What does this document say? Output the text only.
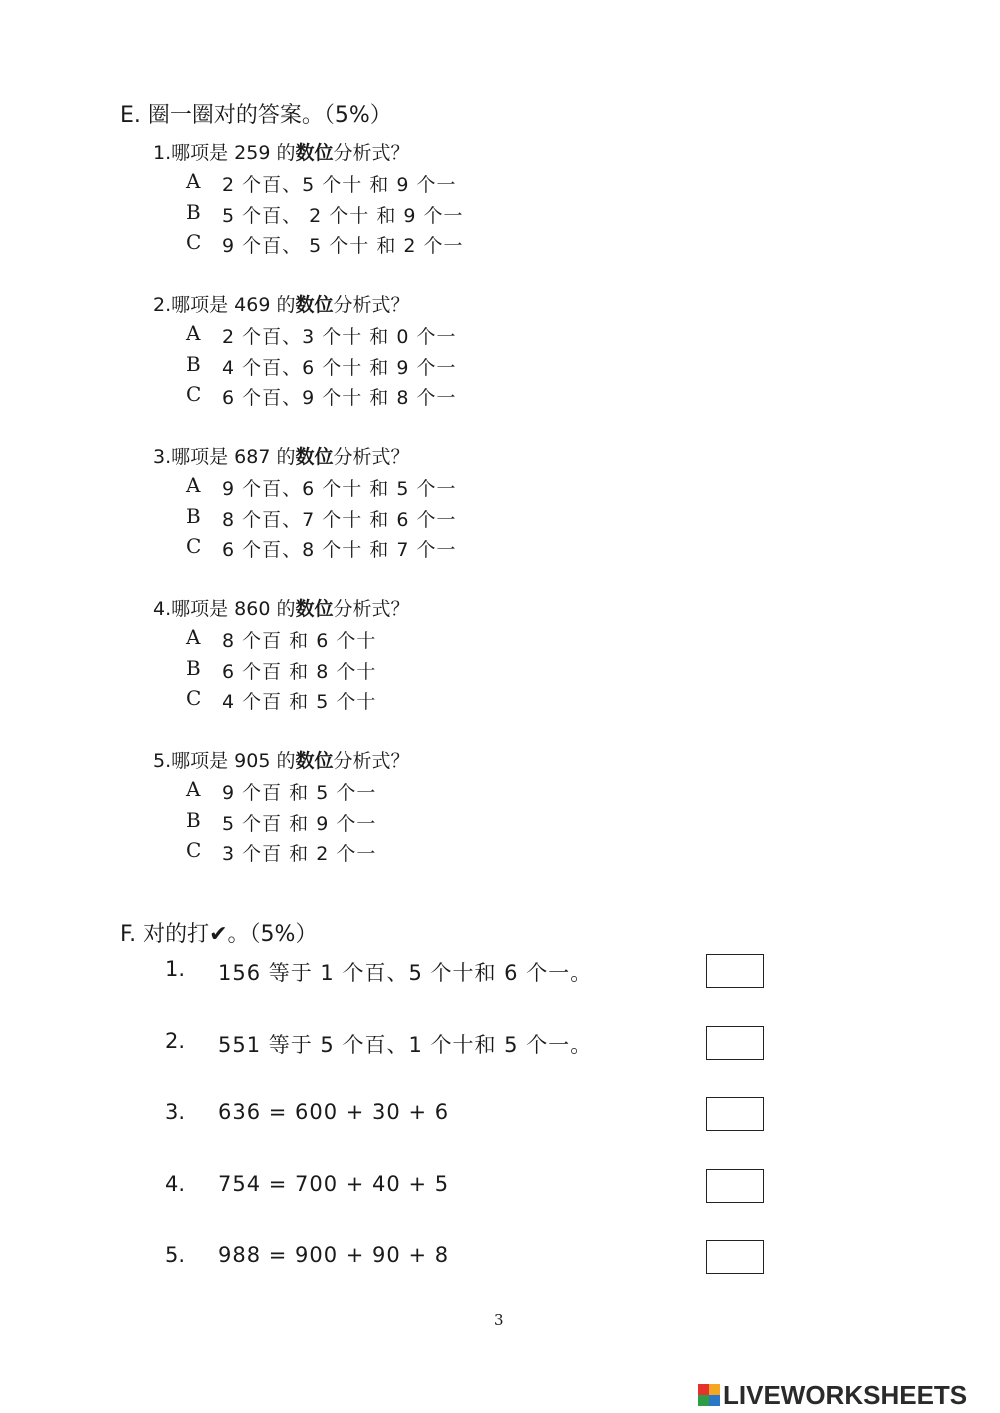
E. 圈一圈对的答案。（5%）
1.哪项是 259 的数位分析式？
A 2 个百、5 个十 和 9 个一
B 5 个百、 2 个十 和 9 个一
C 9 个百、 5 个十 和 2 个一
2.哪项是 469 的数位分析式？
A 2 个百、3 个十 和 0 个一
B 4 个百、6 个十 和 9 个一
C 6 个百、9 个十 和 8 个一
3.哪项是 687 的数位分析式？
A 9 个百、6 个十 和 5 个一
B 8 个百、7 个十 和 6 个一
C 6 个百、8 个十 和 7 个一
4.哪项是 860 的数位分析式？
A 8 个百 和 6 个十
B 6 个百 和 8 个十
C 4 个百 和 5 个十
5.哪项是 905 的数位分析式？
A 9 个百 和 5 个一
B 5 个百 和 9 个一
C 3 个百 和 2 个一
F. 对的打✔。（5%）
1. 156 等于 1 个百、5 个十和 6 个一。
2. 551 等于 5 个百、1 个十和 5 个一。
3. 636 = 600 + 30 + 6
4. 754 = 700 + 40 + 5
5. 988 = 900 + 90 + 8
3
LIVEWORKSHEETS
